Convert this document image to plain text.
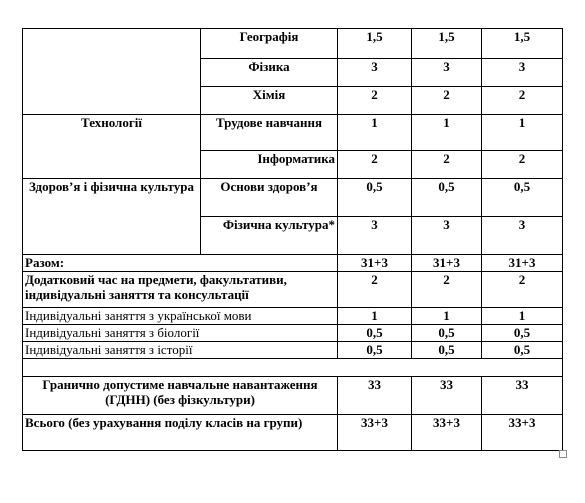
	Географія	1,5	1,5	1,5
	Фізика	3	3	3
	Хімія	2	2	2
Технології	Трудове навчання	1	1	1
	Інформатика	2	2	2
Здоров’я і фізична культура	Основи здоров’я	0,5	0,5	0,5
	Фізична культура*	3	3	3
Разом:		31+3	31+3	31+3
Додатковий час на предмети, факультативи, індивідуальні заняття та консультації		2	2	2
Індивідуальні заняття з української мови		1	1	1
Індивідуальні заняття з біології		0,5	0,5	0,5
Індивідуальні заняття з історії		0,5	0,5	0,5

Гранично допустиме навчальне навантаження (ГДНН) (без фізкультури)		33	33	33
Всього (без урахування поділу класів на групи)		33+3	33+3	33+3
